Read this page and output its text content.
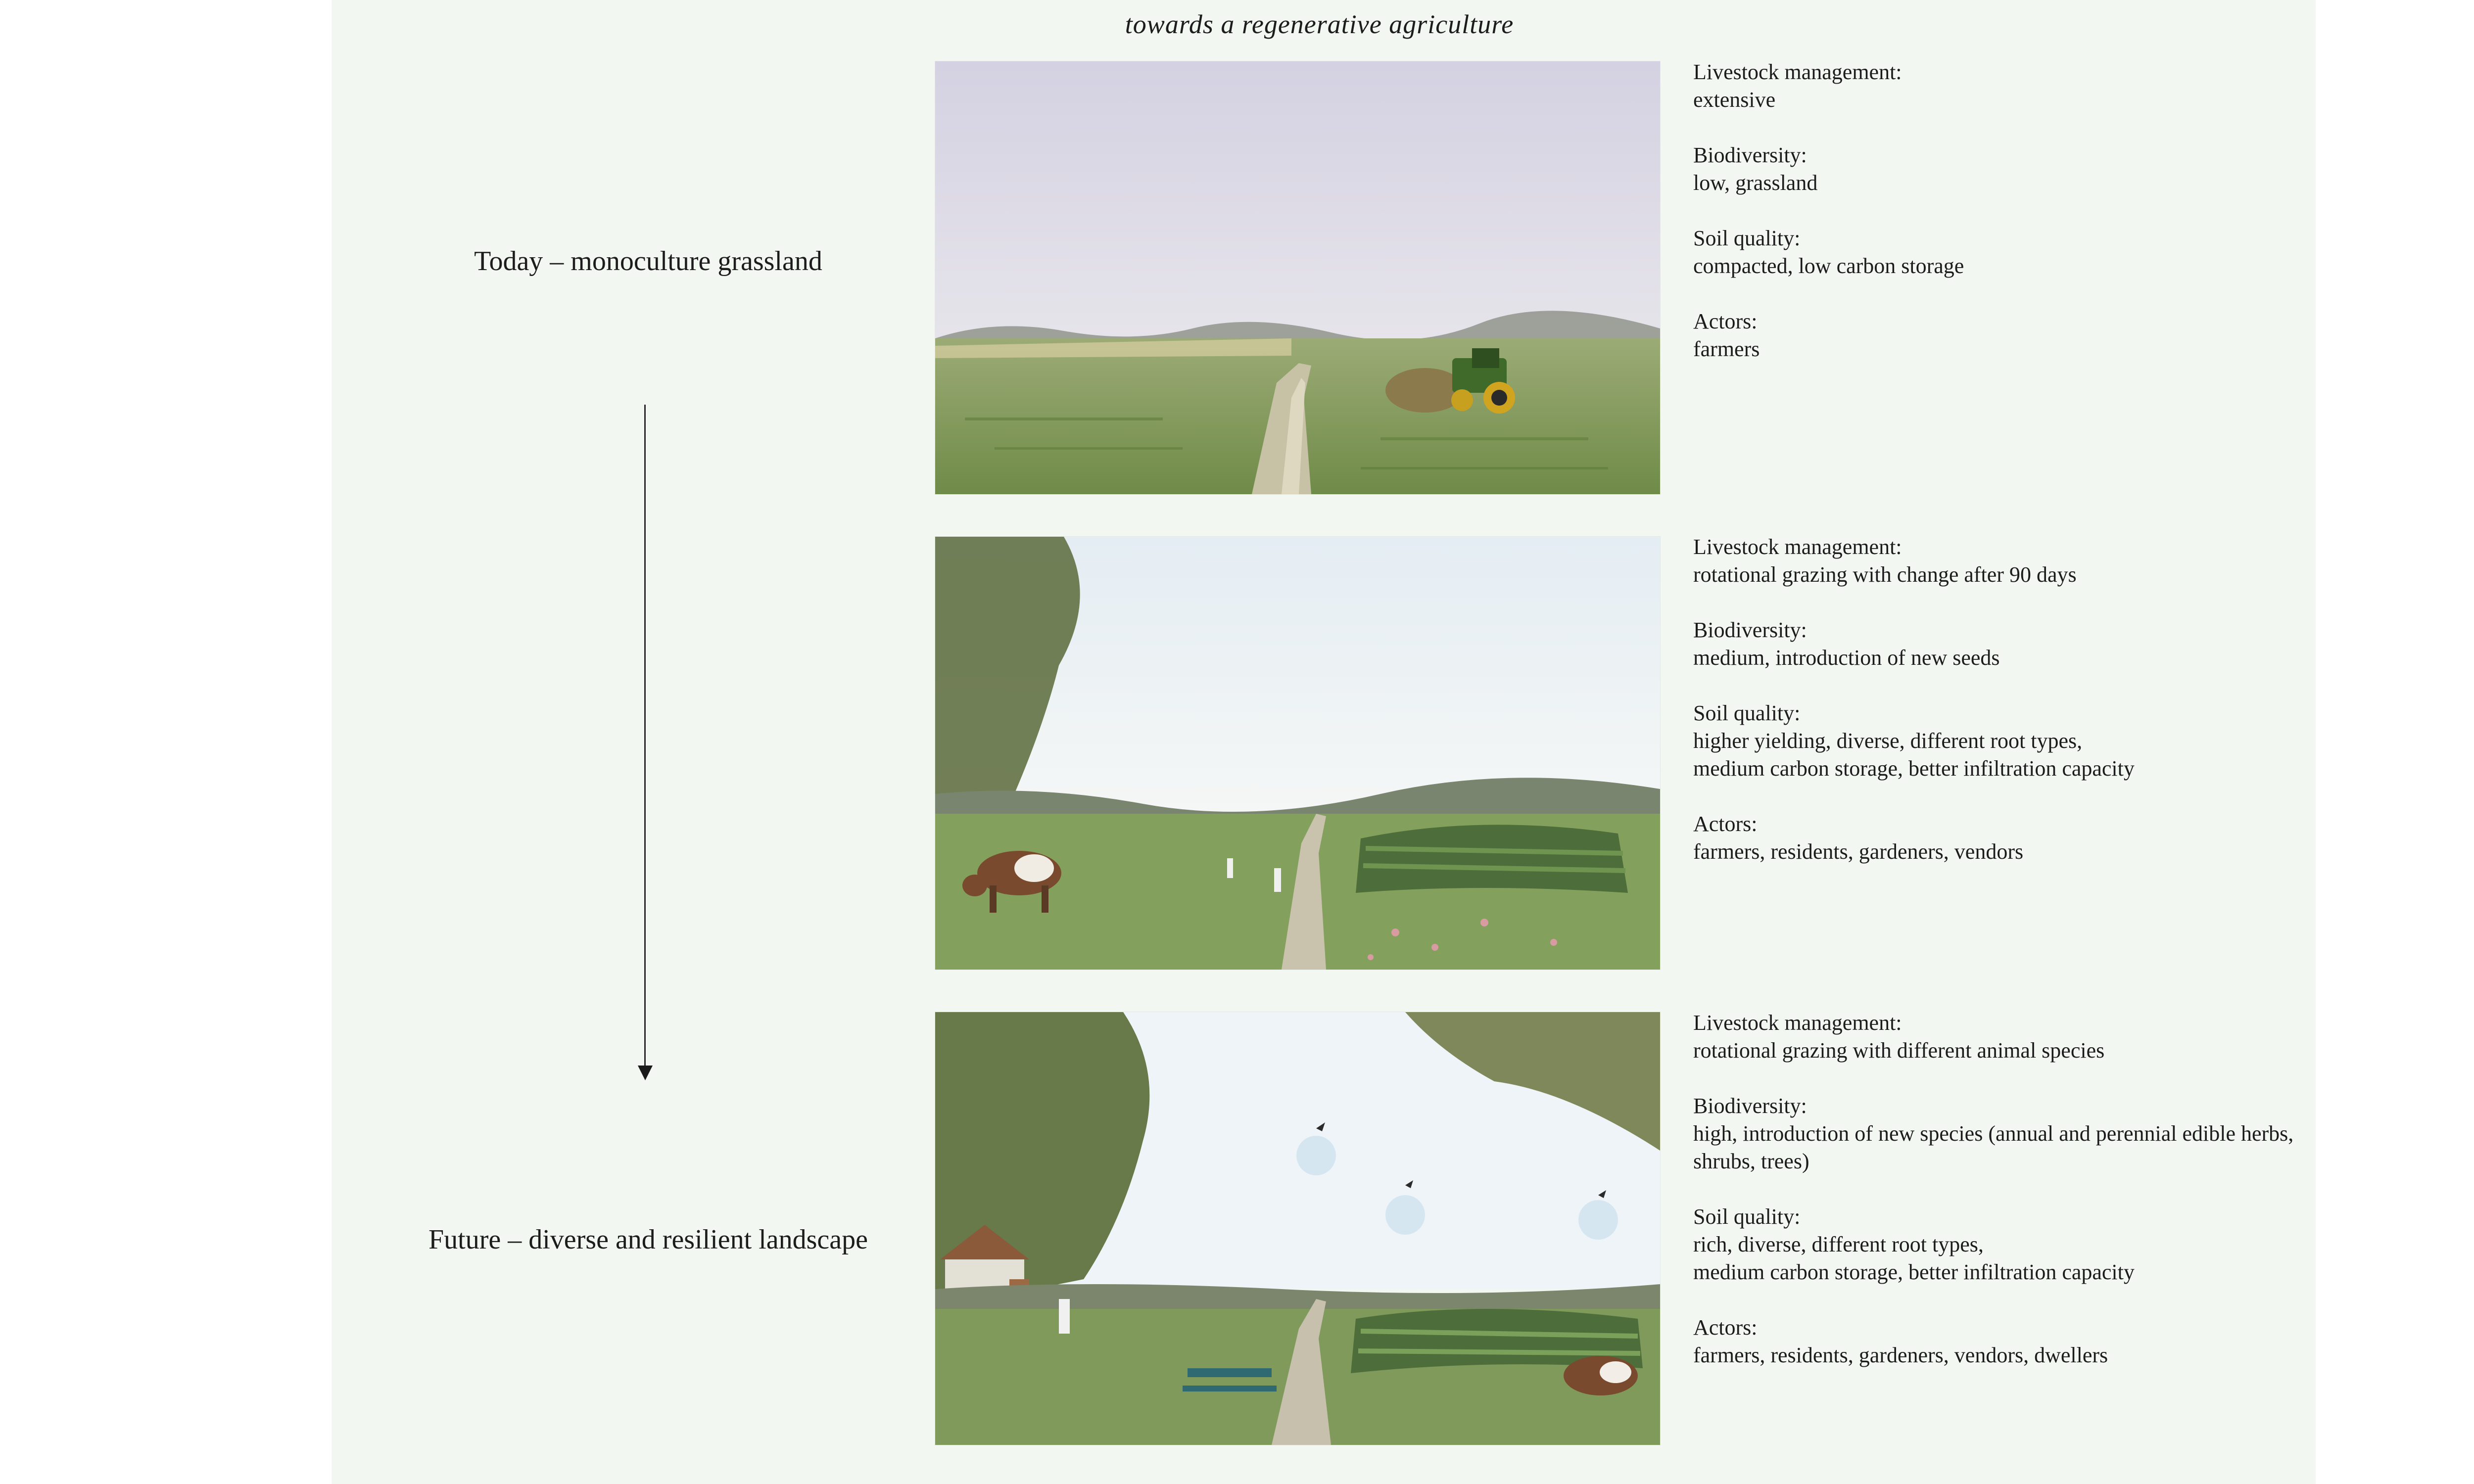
towards a regenerative agriculture
Today – monoculture grassland
Future – diverse and resilient landscape
Livestock management:
extensive
Biodiversity:
low, grassland
Soil quality:
compacted, low carbon storage
Actors:
farmers
Livestock management:
rotational grazing with change after 90 days
Biodiversity:
medium, introduction of new seeds
Soil quality:
higher yielding, diverse, different root types,
medium carbon storage, better infiltration capacity
Actors:
farmers, residents, gardeners, vendors
Livestock management:
rotational grazing with different animal species
Biodiversity:
high, introduction of new species (annual and perennial edible herbs, shrubs, trees)
Soil quality:
rich, diverse, different root types,
medium carbon storage, better infiltration capacity
Actors:
farmers, residents, gardeners, vendors, dwellers
